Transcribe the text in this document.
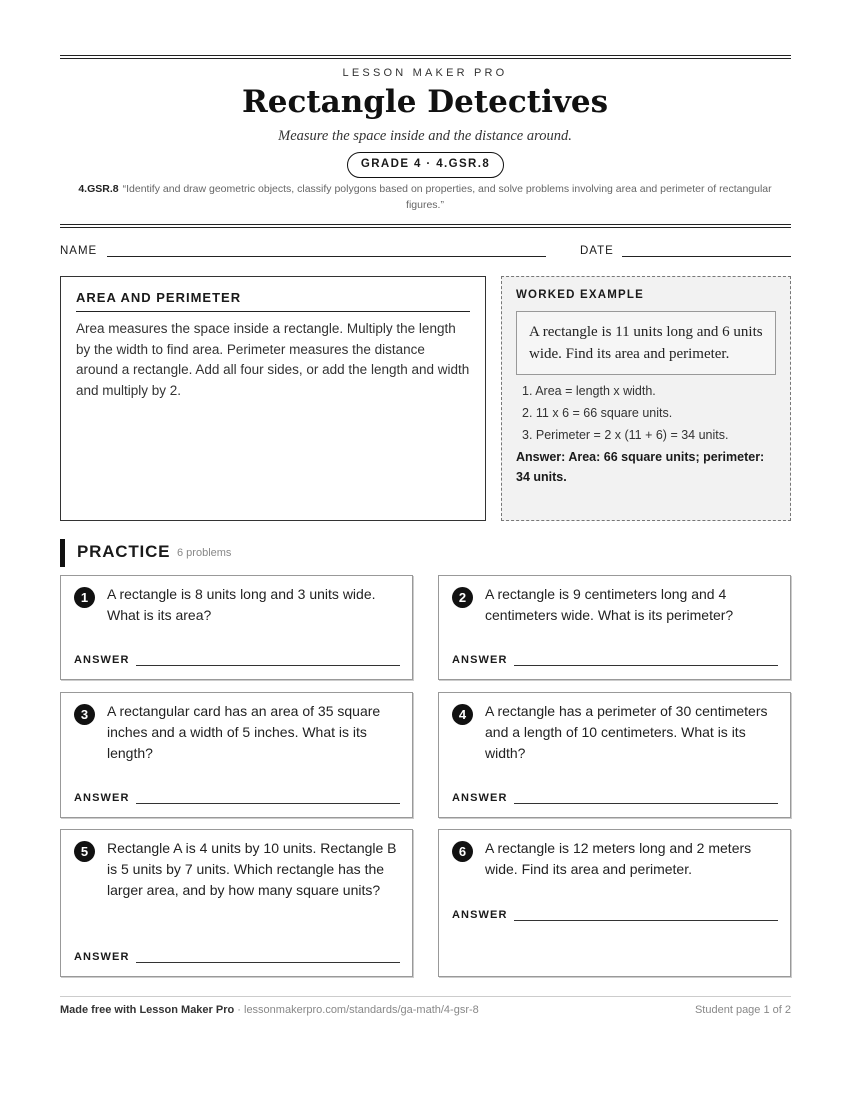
LESSON MAKER PRO
Rectangle Detectives
Measure the space inside and the distance around.
GRADE 4 · 4.GSR.8
4.GSR.8 “Identify and draw geometric objects, classify polygons based on properties, and solve problems involving area and perimeter of rectangular figures.”
NAME	DATE
AREA AND PERIMETER

Area measures the space inside a rectangle. Multiply the length by the width to find area. Perimeter measures the distance around a rectangle. Add all four sides, or add the length and width and multiply by 2.

WORKED EXAMPLE
A rectangle is 11 units long and 6 units wide. Find its area and perimeter.
1. Area = length x width.
2. 11 x 6 = 66 square units.
3. Perimeter = 2 x (11 + 6) = 34 units.
Answer: Area: 66 square units; perimeter: 34 units.
PRACTICE 6 problems
1	A rectangle is 8 units long and 3 units wide. What is its area?
ANSWER
2	A rectangle is 9 centimeters long and 4 centimeters wide. What is its perimeter?
ANSWER
3	A rectangular card has an area of 35 square inches and a width of 5 inches. What is its length?
ANSWER
4	A rectangle has a perimeter of 30 centimeters and a length of 10 centimeters. What is its width?
ANSWER
5	Rectangle A is 4 units by 10 units. Rectangle B is 5 units by 7 units. Which rectangle has the larger area, and by how many square units?
ANSWER
6	A rectangle is 12 meters long and 2 meters wide. Find its area and perimeter.
ANSWER
Made free with Lesson Maker Pro · lessonmakerpro.com/standards/ga-math/4-gsr-8	Student page 1 of 2
